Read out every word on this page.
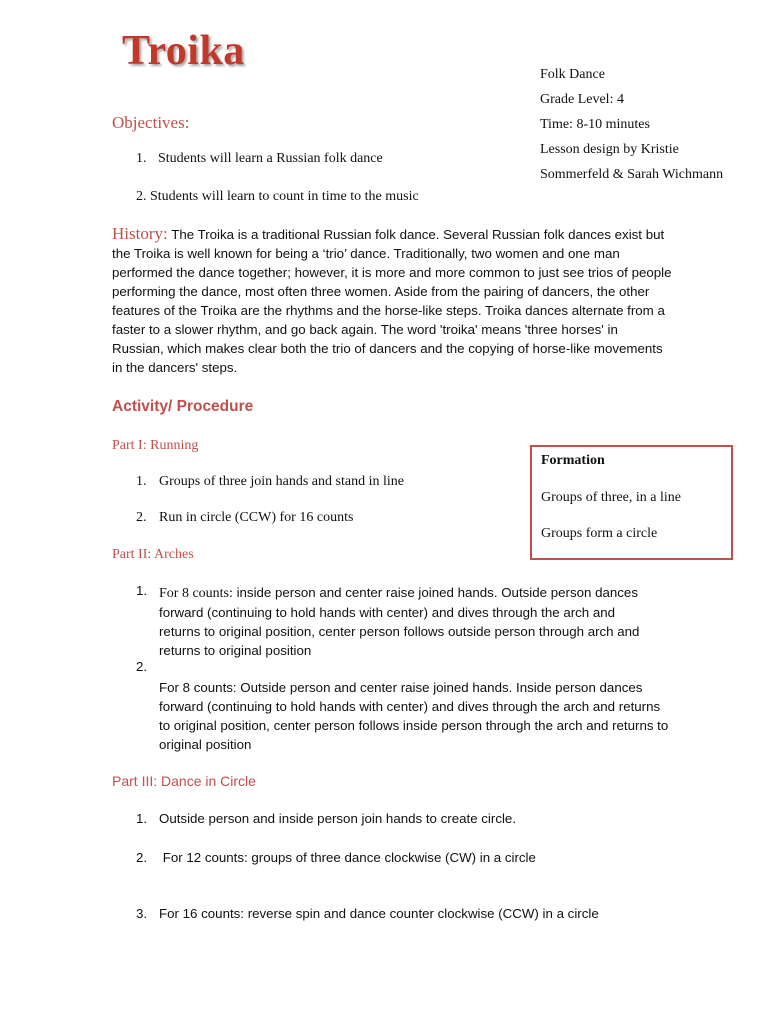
Troika
Folk Dance
Grade Level: 4
Time: 8-10 minutes
Lesson design by Kristie
Sommerfeld & Sarah Wichmann
Objectives:
1. Students will learn a Russian folk dance
2. Students will learn to count in time to the music
History: The Troika is a traditional Russian folk dance. Several Russian folk dances exist but the Troika is well known for being a ‘trio’ dance. Traditionally, two women and one man performed the dance together; however, it is more and more common to just see trios of people performing the dance, most often three women. Aside from the pairing of dancers, the other features of the Troika are the rhythms and the horse-like steps. Troika dances alternate from a faster to a slower rhythm, and go back again. The word 'troika' means 'three horses' in Russian, which makes clear both the trio of dancers and the copying of horse-like movements in the dancers' steps.
Activity/ Procedure
Part I: Running
1. Groups of three join hands and stand in line
2. Run in circle (CCW) for 16 counts
Part II: Arches
1. For 8 counts: inside person and center raise joined hands. Outside person dances forward (continuing to hold hands with center) and dives through the arch and returns to original position, center person follows outside person through arch and returns to original position
2.
For 8 counts: Outside person and center raise joined hands. Inside person dances forward (continuing to hold hands with center) and dives through the arch and returns to original position, center person follows inside person through the arch and returns to original position
Part III: Dance in Circle
1. Outside person and inside person join hands to create circle.
2. For 12 counts: groups of three dance clockwise (CW) in a circle
3. For 16 counts: reverse spin and dance counter clockwise (CCW) in a circle
Formation
Groups of three, in a line
Groups form a circle
